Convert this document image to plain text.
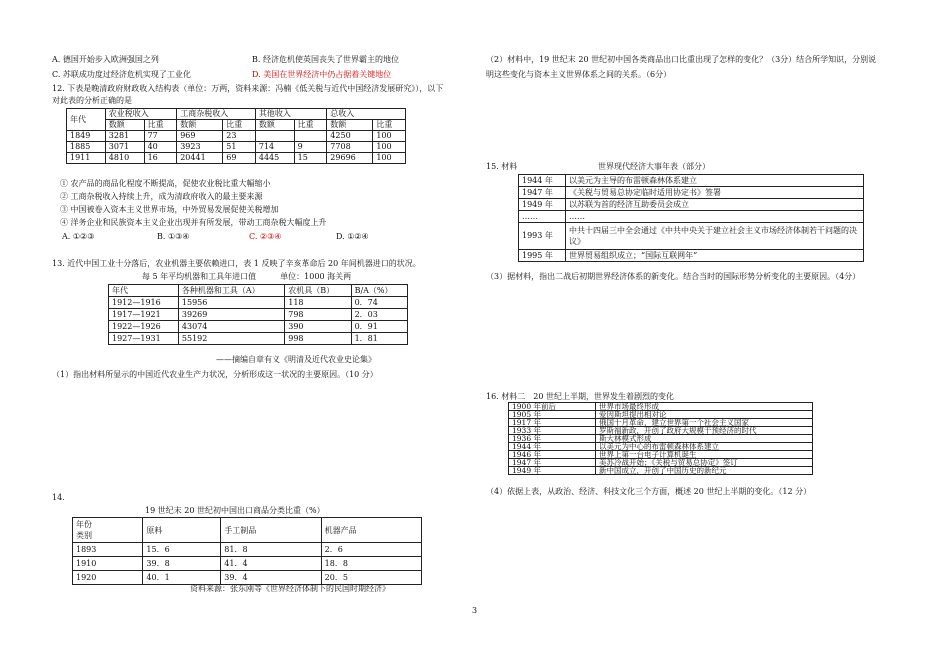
A. 德国开始步入欧洲强国之列	B. 经济危机使英国丧失了世界霸主的地位
C. 苏联成功度过经济危机实现了工业化	D. 美国在世界经济中仍占据着关键地位
12. 下表是晚清政府财政收入结构表（单位：万两，资料来源：冯楠《低关税与近代中国经济发展研究》），以下
对此表的分析正确的是
年代	农业税收入		工商杂税收入		其他收入		总收入	
	数额	比重	数额	比重	数额	比重	数额	比重
1849	3281	77	969	23			4250	100
1885	3071	40	3923	51	714	9	7708	100
1911	4810	16	20441	69	4445	15	29696	100
① 农产品的商品化程度不断提高，促使农业税比重大幅缩小
② 工商杂税收入持续上升，成为清政府收入的最主要来源
③ 中国被卷入资本主义世界市场，中外贸易发展促使关税增加
④ 洋务企业和民族资本主义企业出现并有所发展，带动工商杂税大幅度上升
A. ①②③	B. ①③④	C. ②③④	D. ①②④
13. 近代中国工业十分落后，农业机器主要依赖进口，表 1 反映了辛亥革命后 20 年间机器进口的状况。
每 5 年平均机器和工具年进口值　　　单位：1000 海关两
年代	各种机器和工具（A）	农机具（B）	B/A（%）
1912—1916	15956	118	0．74
1917—1921	39269	798	2．03
1922—1926	43074	390	0．91
1927—1931	55192	998	1．81
——摘编自章有义《明清及近代农业史论集》
（1）指出材料所显示的中国近代农业生产力状况，分析形成这一状况的主要原因。（10 分）
14.
19 世纪末 20 世纪初中国出口商品分类比重（%）
年份
类别	原料	手工制品	机器产品
1893	15．6	81．8	2．6
1910	39．8	41．4	18．8
1920	40．1	39．4	20．5
资料来源：张东刚等《世界经济体制下的民国时期经济》
（2）材料中，19 世纪末 20 世纪初中国各类商品出口比重出现了怎样的变化？（3分）结合所学知识，分别说
明这些变化与资本主义世界体系之间的关系。（6分）
15. 材料	世界现代经济大事年表（部分）
1944 年	以美元为主导的布雷顿森林体系建立
1947 年	《关税与贸易总协定临时适用协定书》签署
1949 年	以苏联为首的经济互助委员会成立
……	……
1993 年	中共十四届三中全会通过《中共中央关于建立社会主义市场经济体制若干问题的决议》
1995 年	世界贸易组织成立；“国际互联网年”
（3）据材料，指出二战后初期世界经济体系的新变化。结合当时的国际形势分析变化的主要原因。（4分）
16. 材料二　20 世纪上半期，世界发生着剧烈的变化
1900 年前后	世界市场最终形成
1905 年	爱因斯坦提出相对论
1917 年	俄国十月革命，建立世界第一个社会主义国家
1933 年	罗斯福新政，开创了政府大规模干预经济的时代
1936 年	斯大林模式形成
1944 年	以美元为中心的布雷顿森林体系建立
1946 年	世界上第一台电子计算机诞生
1947 年	美苏冷战开始；《关税与贸易总协定》签订
1949 年	新中国成立，开创了中国历史的新纪元
（4）依据上表，从政治、经济、科技文化三个方面，概述 20 世纪上半期的变化。（12 分）
3
